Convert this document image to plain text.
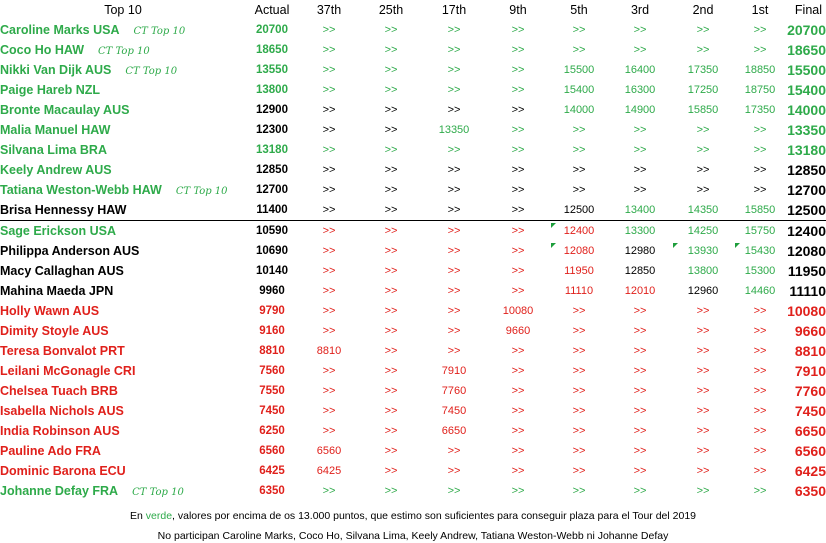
Top 10	Actual	37th	25th	17th	9th	5th	3rd	2nd	1st	Final
Caroline Marks USA CT Top 10	20700	>>	>>	>>	>>	>>	>>	>>	>>	20700
Coco Ho HAW CT Top 10	18650	>>	>>	>>	>>	>>	>>	>>	>>	18650
Nikki Van Dijk AUS CT Top 10	13550	>>	>>	>>	>>	15500	16400	17350	18850	15500
Paige Hareb NZL	13800	>>	>>	>>	>>	15400	16300	17250	18750	15400
Bronte Macaulay AUS	12900	>>	>>	>>	>>	14000	14900	15850	17350	14000
Malia Manuel HAW	12300	>>	>>	13350	>>	>>	>>	>>	>>	13350
Silvana Lima BRA	13180	>>	>>	>>	>>	>>	>>	>>	>>	13180
Keely Andrew AUS	12850	>>	>>	>>	>>	>>	>>	>>	>>	12850
Tatiana Weston-Webb HAW CT Top 10	12700	>>	>>	>>	>>	>>	>>	>>	>>	12700
Brisa Hennessy HAW	11400	>>	>>	>>	>>	12500	13400	14350	15850	12500
Sage Erickson USA	10590	>>	>>	>>	>>	12400	13300	14250	15750	12400
Philippa Anderson AUS	10690	>>	>>	>>	>>	12080	12980	13930	15430	12080
Macy Callaghan AUS	10140	>>	>>	>>	>>	11950	12850	13800	15300	11950
Mahina Maeda JPN	9960	>>	>>	>>	>>	11110	12010	12960	14460	11110
Holly Wawn AUS	9790	>>	>>	>>	10080	>>	>>	>>	>>	10080
Dimity Stoyle AUS	9160	>>	>>	>>	9660	>>	>>	>>	>>	9660
Teresa Bonvalot PRT	8810	8810	>>	>>	>>	>>	>>	>>	>>	8810
Leilani McGonagle CRI	7560	>>	>>	7910	>>	>>	>>	>>	>>	7910
Chelsea Tuach BRB	7550	>>	>>	7760	>>	>>	>>	>>	>>	7760
Isabella Nichols AUS	7450	>>	>>	7450	>>	>>	>>	>>	>>	7450
India Robinson AUS	6250	>>	>>	6650	>>	>>	>>	>>	>>	6650
Pauline Ado FRA	6560	6560	>>	>>	>>	>>	>>	>>	>>	6560
Dominic Barona ECU	6425	6425	>>	>>	>>	>>	>>	>>	>>	6425
Johanne Defay FRA CT Top 10	6350	>>	>>	>>	>>	>>	>>	>>	>>	6350
En verde, valores por encima de os 13.000 puntos, que estimo son suficientes para conseguir plaza para el Tour del 2019
No participan Caroline Marks, Coco Ho, Silvana Lima, Keely Andrew, Tatiana Weston-Webb ni Johanne Defay
